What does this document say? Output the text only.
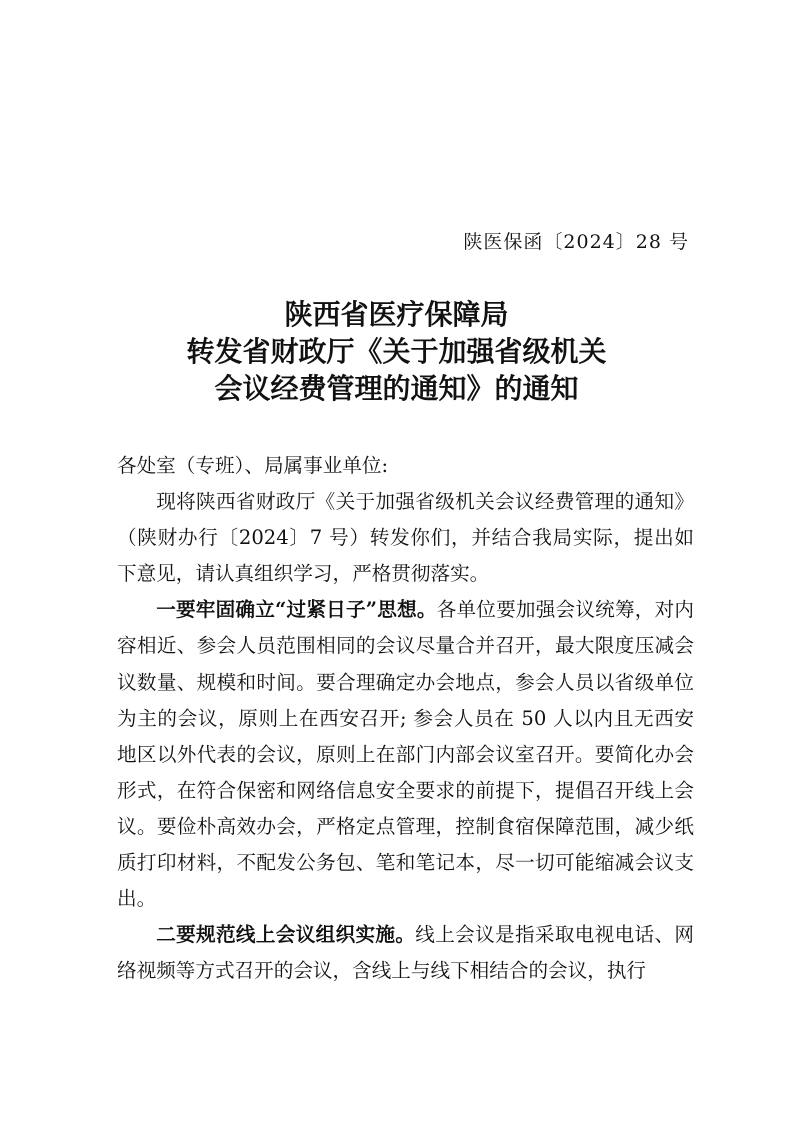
陕医保函〔2024〕28 号
陕西省医疗保障局
转发省财政厅《关于加强省级机关
会议经费管理的通知》的通知

各处室（专班）、局属事业单位:

现将陕西省财政厅《关于加强省级机关会议经费管理的通知》（陕财办行〔2024〕7 号）转发你们，并结合我局实际，提出如下意见，请认真组织学习，严格贯彻落实。

一要牢固确立“过紧日子”思想。各单位要加强会议统筹，对内容相近、参会人员范围相同的会议尽量合并召开，最大限度压减会议数量、规模和时间。要合理确定办会地点，参会人员以省级单位为主的会议，原则上在西安召开; 参会人员在 50 人以内且无西安地区以外代表的会议，原则上在部门内部会议室召开。要简化办会形式，在符合保密和网络信息安全要求的前提下，提倡召开线上会议。要俭朴高效办会，严格定点管理，控制食宿保障范围，减少纸质打印材料，不配发公务包、笔和笔记本，尽一切可能缩减会议支出。

二要规范线上会议组织实施。线上会议是指采取电视电话、网络视频等方式召开的会议，含线上与线下相结合的会议，执行
